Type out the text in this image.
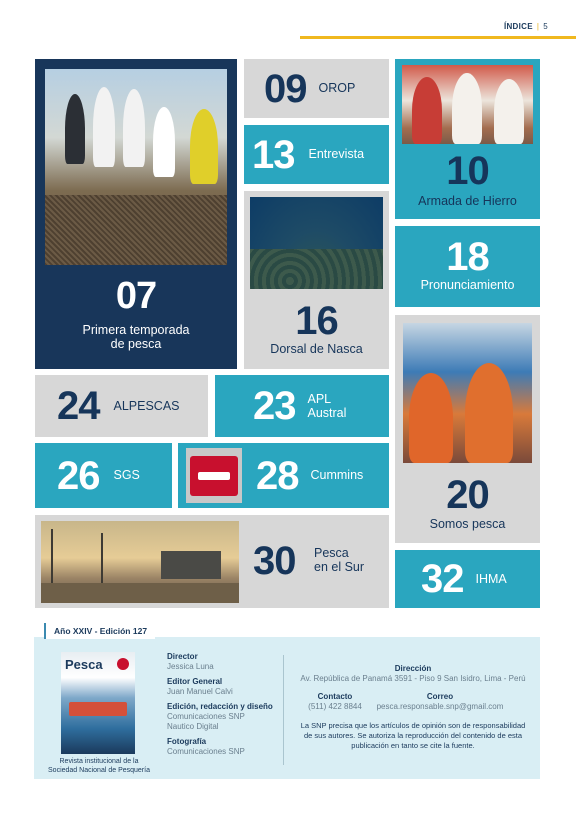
ÍNDICE | 5
07
Primera temporada
de pesca
09 OROP
13 Entrevista	10
Armada de Hierro
16
Dorsal de Nasca
18
Pronunciamiento
20
Somos pesca
24 ALPESCAS 23 APL
Austral
26 SGS	28 Cummins
30 Pesca
en el Sur 32 IHMA
Año XXIV - Edición 127
Pesca
Revista institucional de la
Sociedad Nacional de Pesquería
Director
Jessica Luna
Editor General
Juan Manuel Calvi
Edición, redacción y diseño
Comunicaciones SNP
Nautico Digital
Fotografía
Comunicaciones SNP
Dirección
Av. República de Panamá 3591 - Piso 9 San Isidro, Lima - Perú
Contacto
(511) 422 8844
Correo
pesca.responsable.snp@gmail.com
La SNP precisa que los artículos de opinión son de responsabilidad
de sus autores. Se autoriza la reproducción del contenido de esta
publicación en tanto se cite la fuente.
